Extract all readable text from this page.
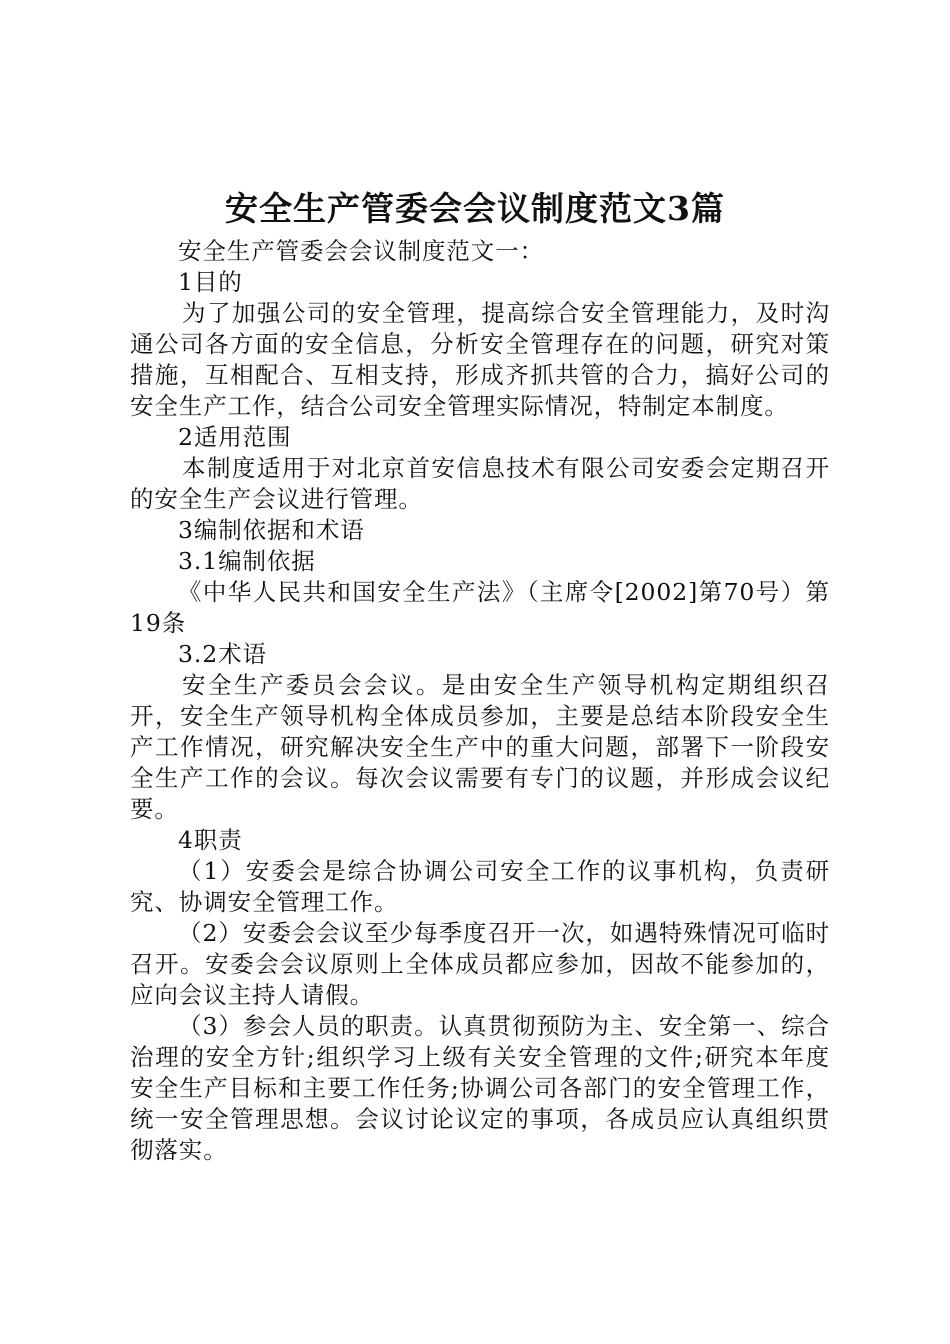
安全生产管委会会议制度范文3篇

安全生产管委会会议制度范文一：

1目的

为了加强公司的安全管理，提高综合安全管理能力，及时沟通公司各方面的安全信息，分析安全管理存在的问题，研究对策措施，互相配合、互相支持，形成齐抓共管的合力，搞好公司的安全生产工作，结合公司安全管理实际情况，特制定本制度。

2适用范围

本制度适用于对北京首安信息技术有限公司安委会定期召开的安全生产会议进行管理。

3编制依据和术语

3.1编制依据

《中华人民共和国安全生产法》（主席令[2002]第70号）第19条

3.2术语

安全生产委员会会议。是由安全生产领导机构定期组织召开，安全生产领导机构全体成员参加，主要是总结本阶段安全生产工作情况，研究解决安全生产中的重大问题，部署下一阶段安全生产工作的会议。每次会议需要有专门的议题，并形成会议纪要。

4职责

（1）安委会是综合协调公司安全工作的议事机构，负责研究、协调安全管理工作。

（2）安委会会议至少每季度召开一次，如遇特殊情况可临时召开。安委会会议原则上全体成员都应参加，因故不能参加的，应向会议主持人请假。

（3）参会人员的职责。认真贯彻预防为主、安全第一、综合治理的安全方针;组织学习上级有关安全管理的文件;研究本年度安全生产目标和主要工作任务;协调公司各部门的安全管理工作，统一安全管理思想。会议讨论议定的事项，各成员应认真组织贯彻落实。
